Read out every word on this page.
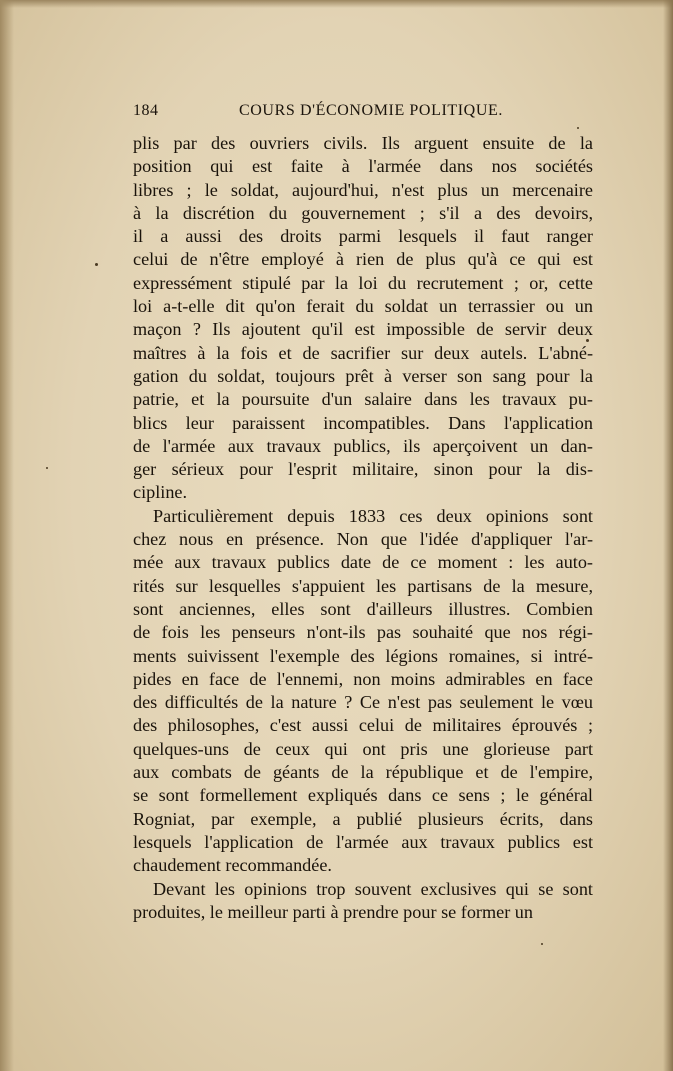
184	COURS D'ÉCONOMIE POLITIQUE.
plis par des ouvriers civils. Ils arguent ensuite de la
position qui est faite à l'armée dans nos sociétés
libres ; le soldat, aujourd'hui, n'est plus un mercenaire
à la discrétion du gouvernement ; s'il a des devoirs,
il a aussi des droits parmi lesquels il faut ranger
celui de n'être employé à rien de plus qu'à ce qui est
expressément stipulé par la loi du recrutement ; or, cette
loi a-t-elle dit qu'on ferait du soldat un terrassier ou un
maçon ? Ils ajoutent qu'il est impossible de servir deux
maîtres à la fois et de sacrifier sur deux autels. L'abné-
gation du soldat, toujours prêt à verser son sang pour la
patrie, et la poursuite d'un salaire dans les travaux pu-
blics leur paraissent incompatibles. Dans l'application
de l'armée aux travaux publics, ils aperçoivent un dan-
ger sérieux pour l'esprit militaire, sinon pour la dis-
cipline.
Particulièrement depuis 1833 ces deux opinions sont
chez nous en présence. Non que l'idée d'appliquer l'ar-
mée aux travaux publics date de ce moment : les auto-
rités sur lesquelles s'appuient les partisans de la mesure,
sont anciennes, elles sont d'ailleurs illustres. Combien
de fois les penseurs n'ont-ils pas souhaité que nos régi-
ments suivissent l'exemple des légions romaines, si intré-
pides en face de l'ennemi, non moins admirables en face
des difficultés de la nature ? Ce n'est pas seulement le vœu
des philosophes, c'est aussi celui de militaires éprouvés ;
quelques-uns de ceux qui ont pris une glorieuse part
aux combats de géants de la république et de l'empire,
se sont formellement expliqués dans ce sens ; le général
Rogniat, par exemple, a publié plusieurs écrits, dans
lesquels l'application de l'armée aux travaux publics est
chaudement recommandée.
Devant les opinions trop souvent exclusives qui se sont
produites, le meilleur parti à prendre pour se former un
